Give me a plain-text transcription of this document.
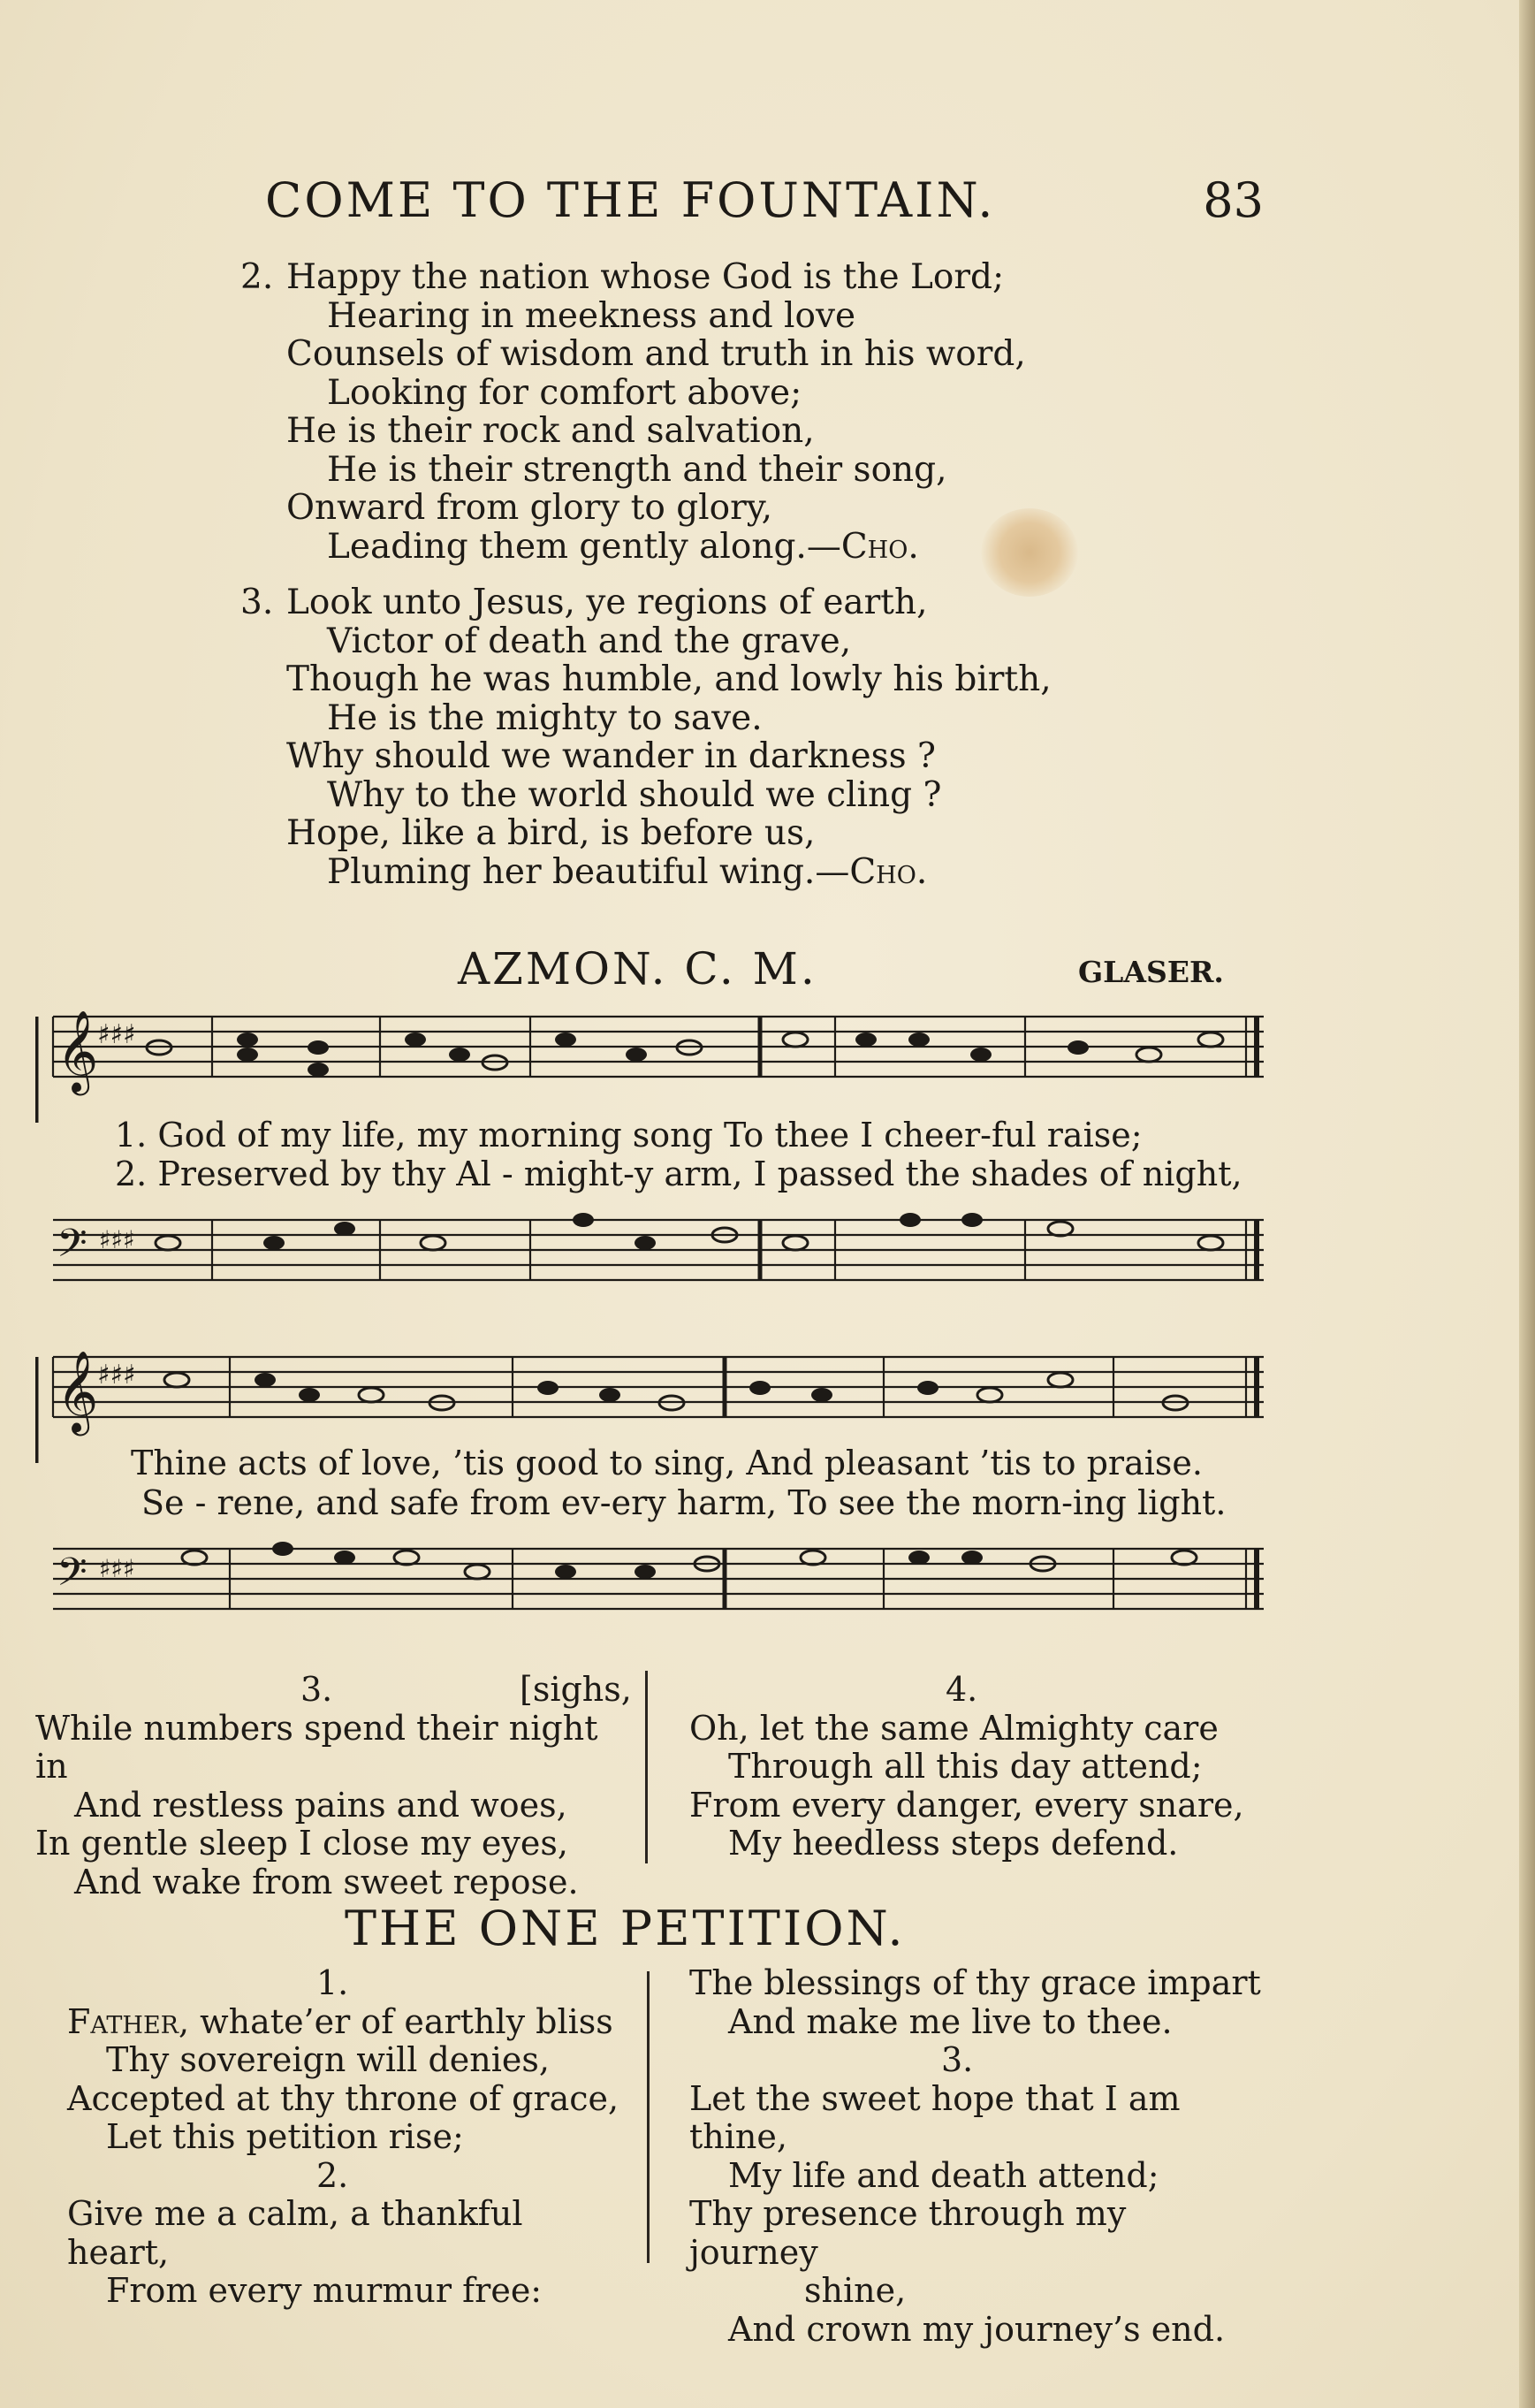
COME TO THE FOUNTAIN.	83
2. Happy the nation whose God is the Lord;
Hearing in meekness and love
Counsels of wisdom and truth in his word,
Looking for comfort above;
He is their rock and salvation,
He is their strength and their song,
Onward from glory to glory,
Leading them gently along.—Cho.
3. Look unto Jesus, ye regions of earth,
Victor of death and the grave,
Though he was humble, and lowly his birth,
He is the mighty to save.
Why should we wander in darkness ?
Why to the world should we cling ?
Hope, like a bird, is before us,
Pluming her beautiful wing.—Cho.
AZMON. C. M.	GLASER.
𝄞
♯♯♯
1. God of my life, my morning song To thee I cheer-ful raise;
2. Preserved by thy Al - might-y arm, I passed the shades of night,
𝄢 ♯♯♯
𝄞
♯♯♯
Thine acts of love, ’tis good to sing, And pleasant ’tis to praise.
Se - rene, and safe from ev-ery harm, To see the morn-ing light.
𝄢 ♯♯♯
3.	[sighs,
While numbers spend their night in
And restless pains and woes,
In gentle sleep I close my eyes,
And wake from sweet repose.
4.
Oh, let the same Almighty care
Through all this day attend;
From every danger, every snare,
My heedless steps defend.
THE ONE PETITION.
1.
Father, whate’er of earthly bliss
Thy sovereign will denies,
Accepted at thy throne of grace,
Let this petition rise;
2.
Give me a calm, a thankful heart,
From every murmur free:
The blessings of thy grace impart
And make me live to thee.
3.
Let the sweet hope that I am thine,
My life and death attend;
Thy presence through my journey
shine,
And crown my journey’s end.
